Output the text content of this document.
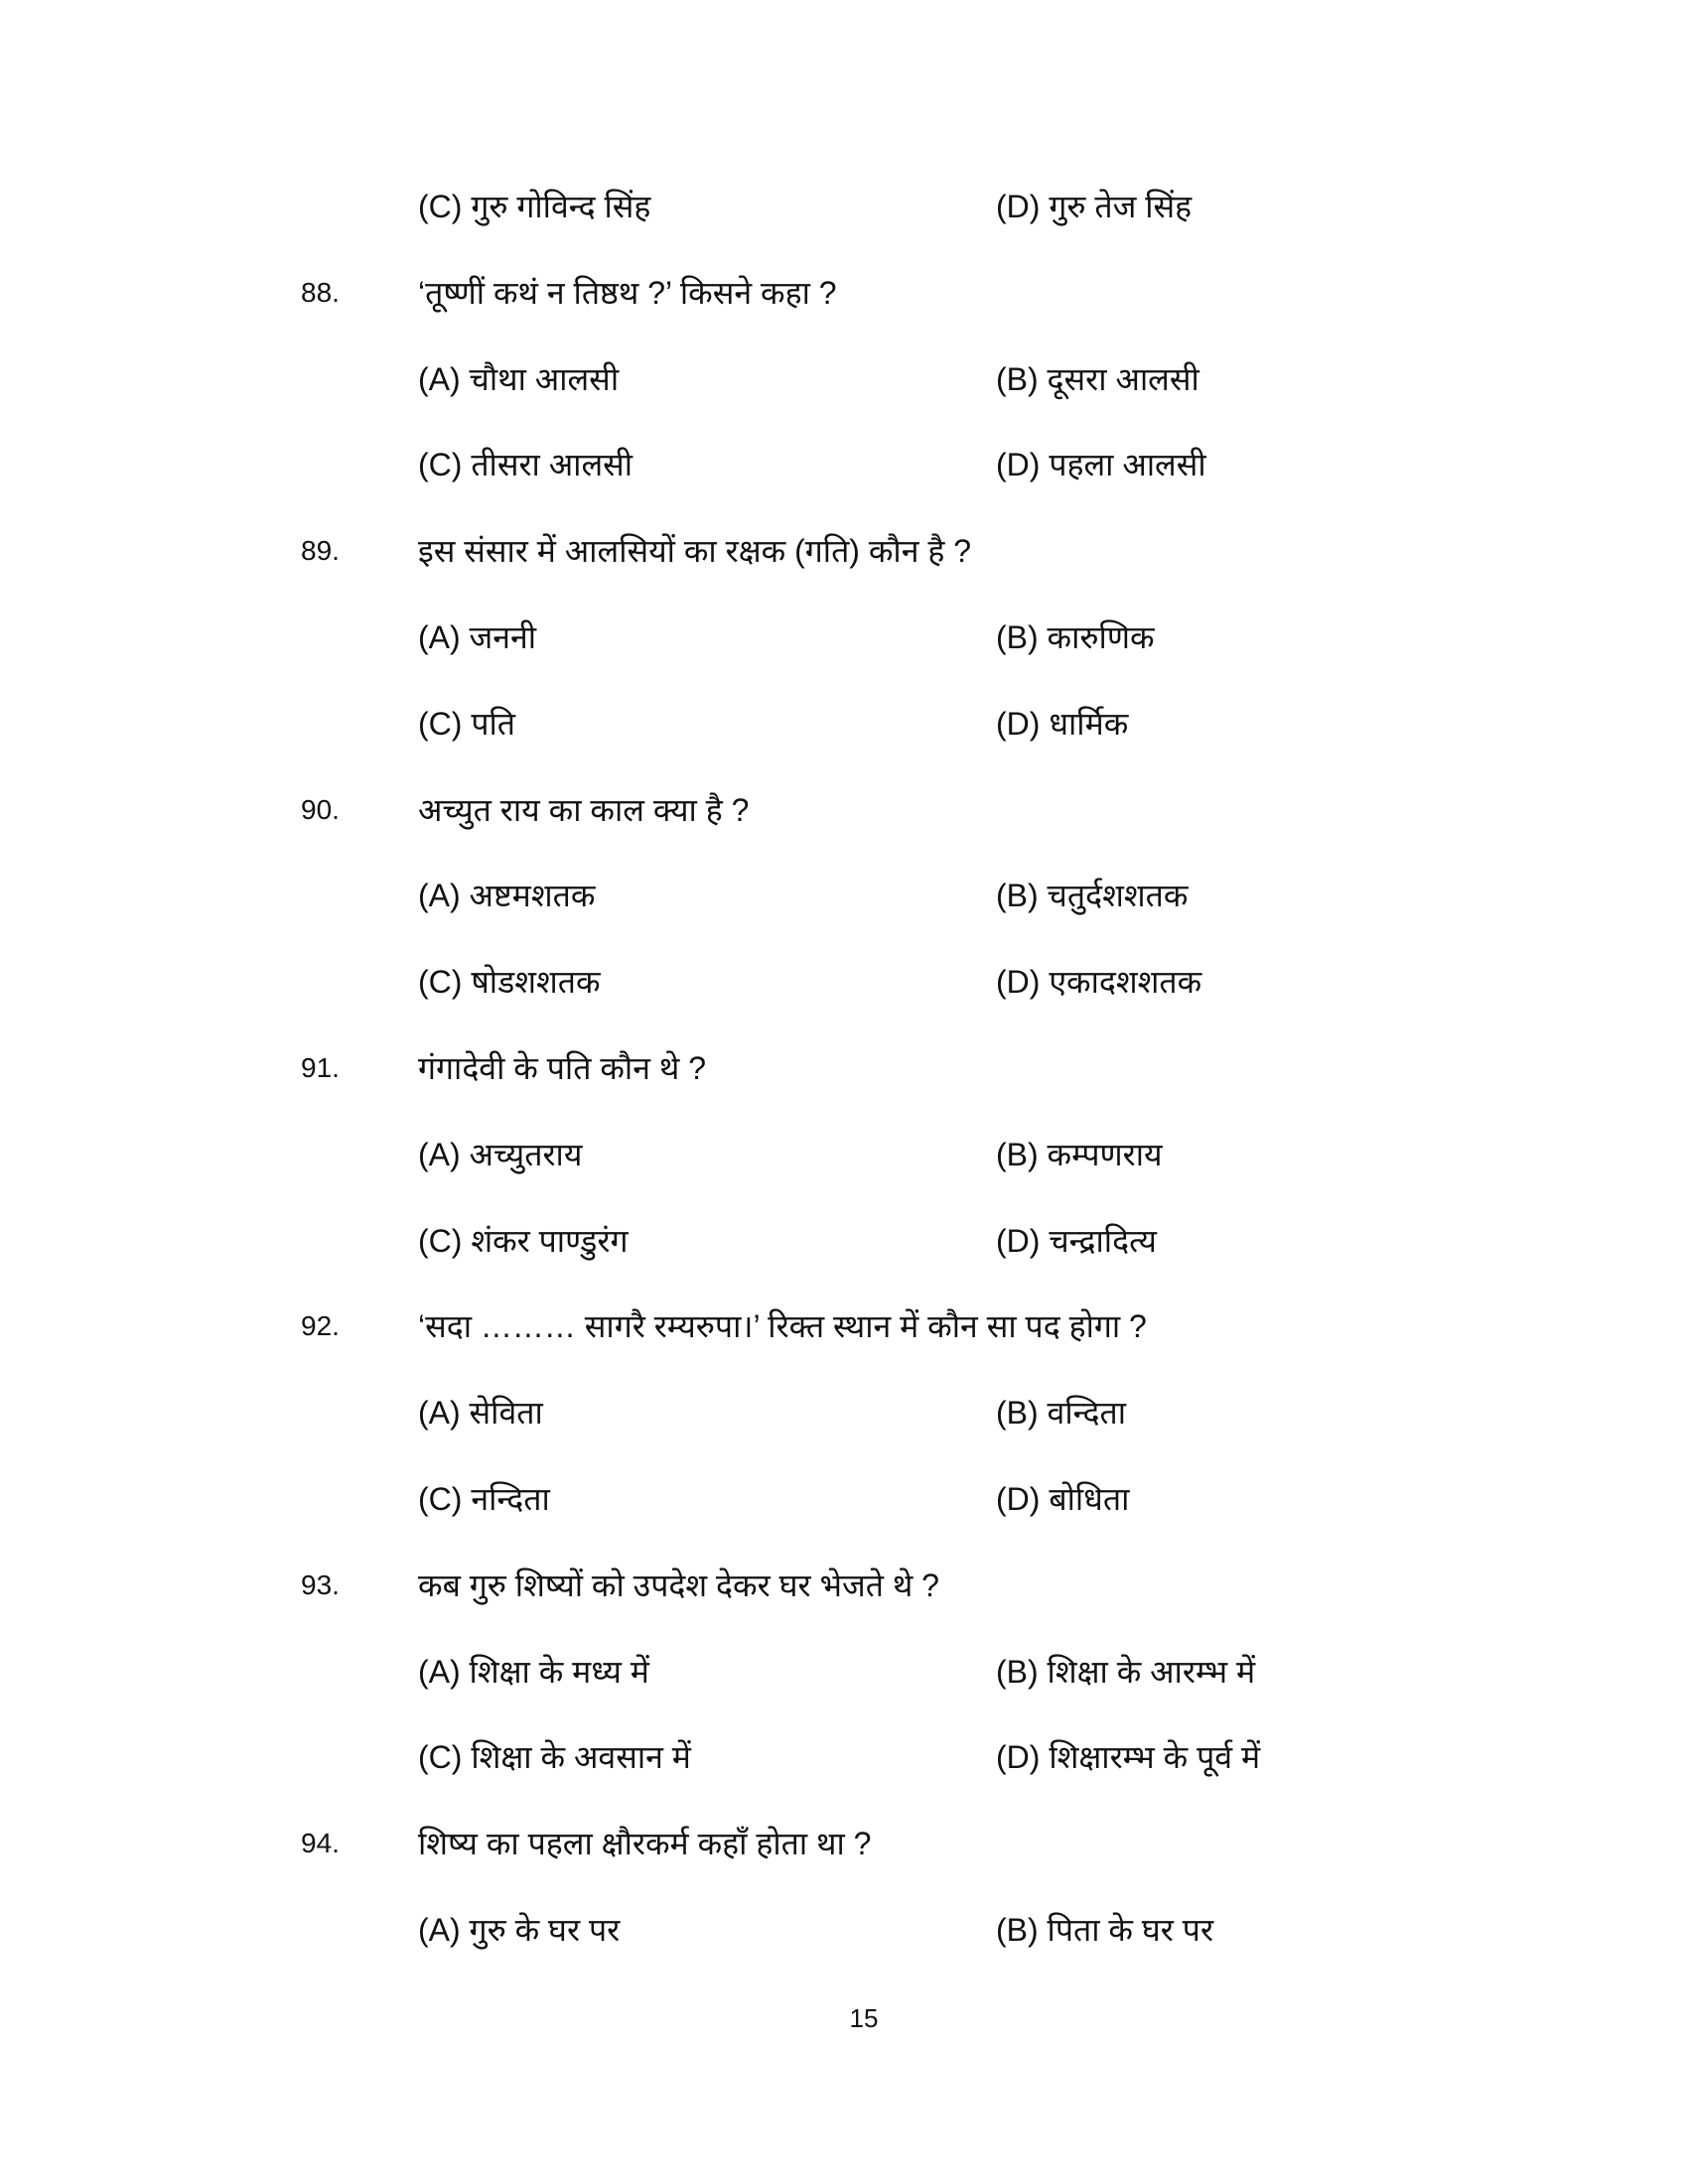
(C) गुरु गोविन्द सिंह	(D) गुरु तेज सिंह
88. ‘तूष्णीं कथं न तिष्ठथ ?’ किसने कहा ?
(A) चौथा आलसी	(B) दूसरा आलसी
(C) तीसरा आलसी	(D) पहला आलसी
89. इस संसार में आलसियों का रक्षक (गति) कौन है ?
(A) जननी	(B) कारुणिक
(C) पति	(D) धार्मिक
90. अच्युत राय का काल क्या है ?
(A) अष्टमशतक	(B) चतुर्दशशतक
(C) षोडशशतक	(D) एकादशशतक
91. गंगादेवी के पति कौन थे ?
(A) अच्युतराय	(B) कम्पणराय
(C) शंकर पाण्डुरंग	(D) चन्द्रादित्य
92. ‘सदा ……… सागरै रम्यरुपा।’ रिक्त स्थान में कौन सा पद होगा ?
(A) सेविता	(B) वन्दिता
(C) नन्दिता	(D) बोधिता
93. कब गुरु शिष्यों को उपदेश देकर घर भेजते थे ?
(A) शिक्षा के मध्य में	(B) शिक्षा के आरम्भ में
(C) शिक्षा के अवसान में	(D) शिक्षारम्भ के पूर्व में
94. शिष्य का पहला क्षौरकर्म कहाँ होता था ?
(A) गुरु के घर पर	(B) पिता के घर पर
15
